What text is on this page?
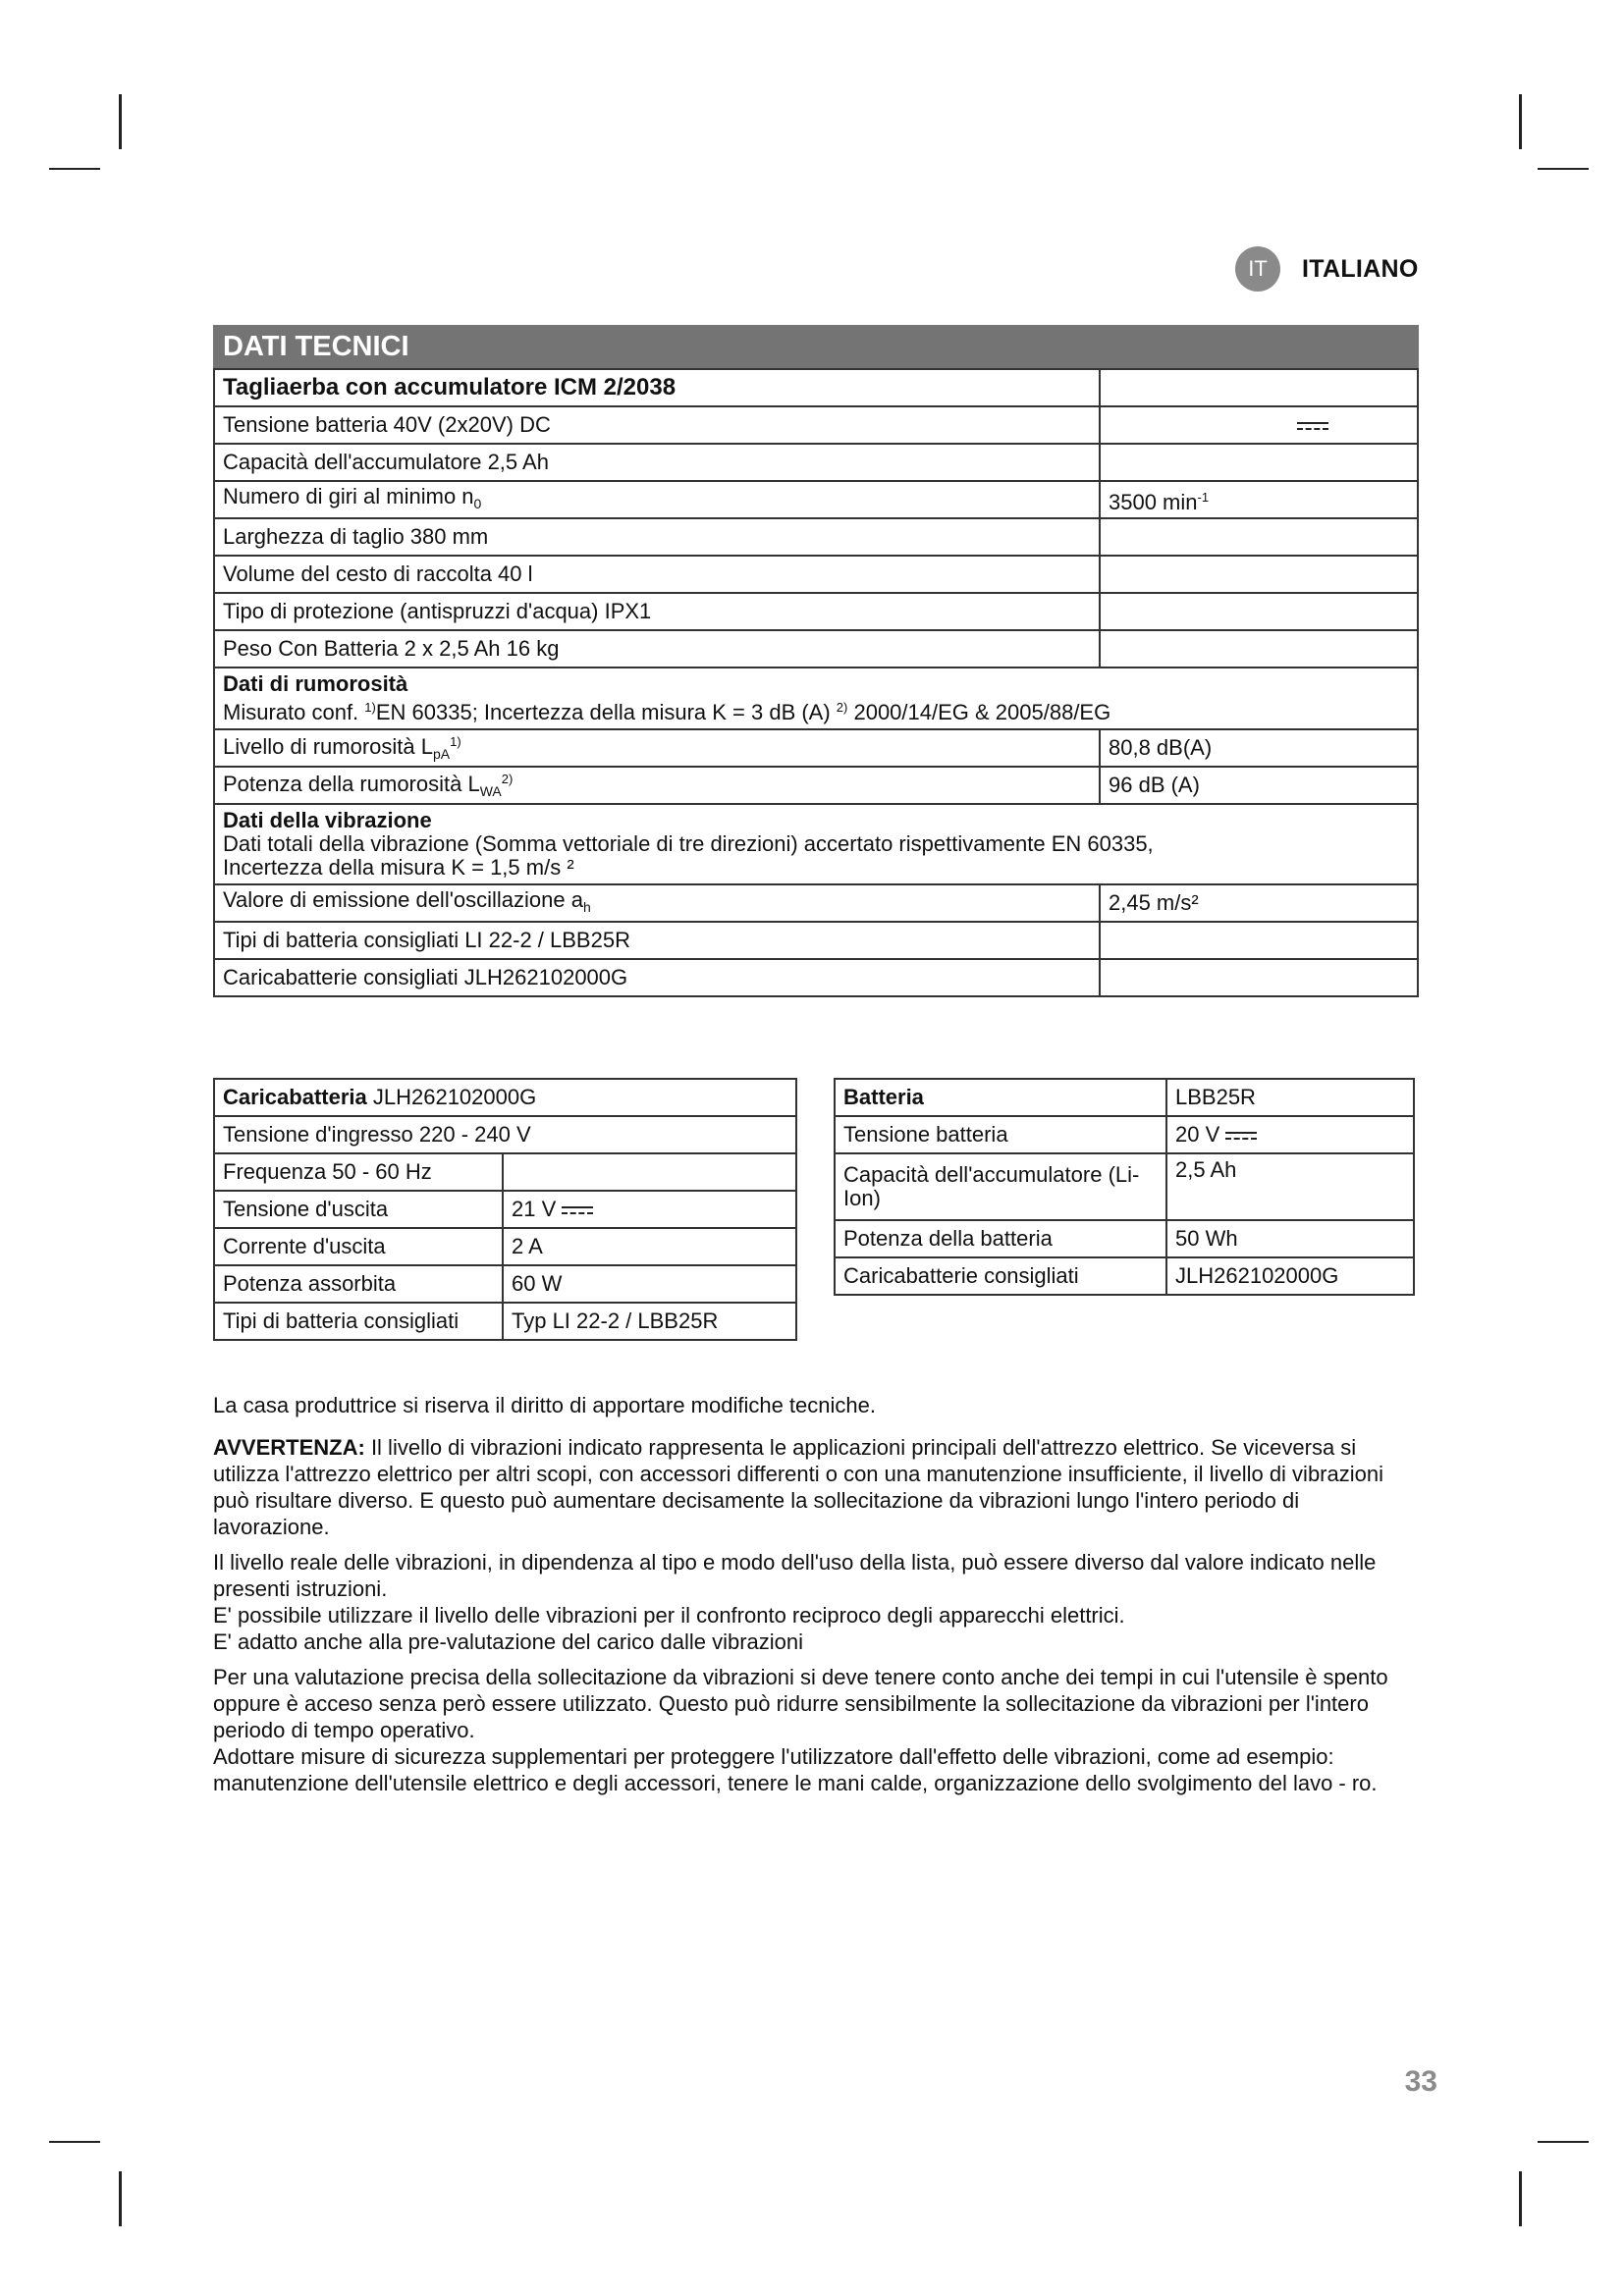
IT	ITALIANO
DATI TECNICI
Tagliaerba con accumulatore ICM 2/2038	
Tensione batteria 40V (2x20V) DC	
Capacità dell'accumulatore 2,5 Ah	
Numero di giri al minimo $n_0$	3500 $\min^{-1}$
Larghezza di taglio 380 mm	
Volume del cesto di raccolta 40 l	
Tipo di protezione (antispruzzi d'acqua) IPX1	
Peso Con Batteria 2 x 2,5 Ah 16 kg	

Dati di rumorosità
Misurato conf. $^{1)}$EN 60335; Incertezza della misura K = 3 dB (A) $^{2)}$ 2000/14/EG & 2005/88/EG	

Livello di rumorosità $L_{pA}^{1)}$	80,8 dB(A)
Potenza della rumorosità $L_{WA}^{2)}$	96 dB (A)

Dati della vibrazione
Dati totali della vibrazione (Somma vettoriale di tre direzioni) accertato rispettivamente EN 60335,
Incertezza della misura K = 1,5 m/s ²	

Valore di emissione dell'oscillazione $a_h$	2,45 m/s²
Tipi di batteria consigliati LI 22-2 / LBB25R	
Caricabatterie consigliati JLH262102000G	
Caricabatteria JLH262102000G	
Tensione d'ingresso 220 - 240 V	
Frequenza 50 - 60 Hz	
Tensione d'uscita	21 V
Corrente d'uscita	2 A
Potenza assorbita	60 W
Tipi di batteria consigliati	Typ LI 22-2 / LBB25R
Batteria	LBB25R
Tensione batteria	20 V
Capacità dell'accumulatore (Li-Ion)	2,5 Ah
Potenza della batteria	50 Wh
Caricabatterie consigliati	JLH262102000G

La casa produttrice si riserva il diritto di apportare modifiche tecniche.

AVVERTENZA: Il livello di vibrazioni indicato rappresenta le applicazioni principali dell'attrezzo elettrico. Se viceversa si utilizza l'attrezzo elettrico per altri scopi, con accessori differenti o con una manutenzione insufficiente, il livello di vibrazioni può risultare diverso. E questo può aumentare decisamente la sollecitazione da vibrazioni lungo l'intero periodo di lavorazione.

Il livello reale delle vibrazioni, in dipendenza al tipo e modo dell'uso della lista, può essere diverso dal valore indicato nelle presenti istruzioni.

E' possibile utilizzare il livello delle vibrazioni per il confronto reciproco degli apparecchi elettrici.

E' adatto anche alla pre-valutazione del carico dalle vibrazioni

Per una valutazione precisa della sollecitazione da vibrazioni si deve tenere conto anche dei tempi in cui l'utensile è spento oppure è acceso senza però essere utilizzato. Questo può ridurre sensibilmente la sollecitazione da vibrazioni per l'intero periodo di tempo operativo.

Adottare misure di sicurezza supplementari per proteggere l'utilizzatore dall'effetto delle vibrazioni, come ad esempio: manutenzione dell'utensile elettrico e degli accessori, tenere le mani calde, organizzazione dello svolgimento del lavo - ro.

33
